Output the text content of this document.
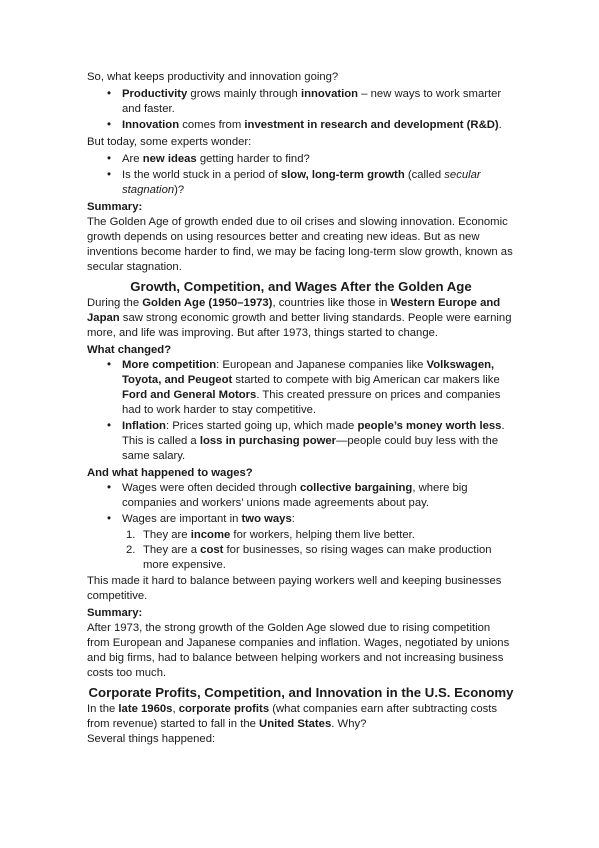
So, what keeps productivity and innovation going?

• Productivity grows mainly through innovation – new ways to work smarter and faster.
• Innovation comes from investment in research and development (R&D).

But today, some experts wonder:

• Are new ideas getting harder to find?
• Is the world stuck in a period of slow, long-term growth (called secular stagnation)?

Summary:

The Golden Age of growth ended due to oil crises and slowing innovation. Economic growth depends on using resources better and creating new ideas. But as new inventions become harder to find, we may be facing long-term slow growth, known as secular stagnation.

Growth, Competition, and Wages After the Golden Age

During the Golden Age (1950–1973), countries like those in Western Europe and Japan saw strong economic growth and better living standards. People were earning more, and life was improving. But after 1973, things started to change.

What changed?

• More competition: European and Japanese companies like Volkswagen, Toyota, and Peugeot started to compete with big American car makers like Ford and General Motors. This created pressure on prices and companies had to work harder to stay competitive.
• Inflation: Prices started going up, which made people’s money worth less. This is called a loss in purchasing power—people could buy less with the same salary.

And what happened to wages?

• Wages were often decided through collective bargaining, where big companies and workers’ unions made agreements about pay.
• Wages are important in two ways:
1. They are income for workers, helping them live better.
2. They are a cost for businesses, so rising wages can make production more expensive.

This made it hard to balance between paying workers well and keeping businesses competitive.

Summary:

After 1973, the strong growth of the Golden Age slowed due to rising competition from European and Japanese companies and inflation. Wages, negotiated by unions and big firms, had to balance between helping workers and not increasing business costs too much.

Corporate Profits, Competition, and Innovation in the U.S. Economy

In the late 1960s, corporate profits (what companies earn after subtracting costs from revenue) started to fall in the United States. Why?

Several things happened:
